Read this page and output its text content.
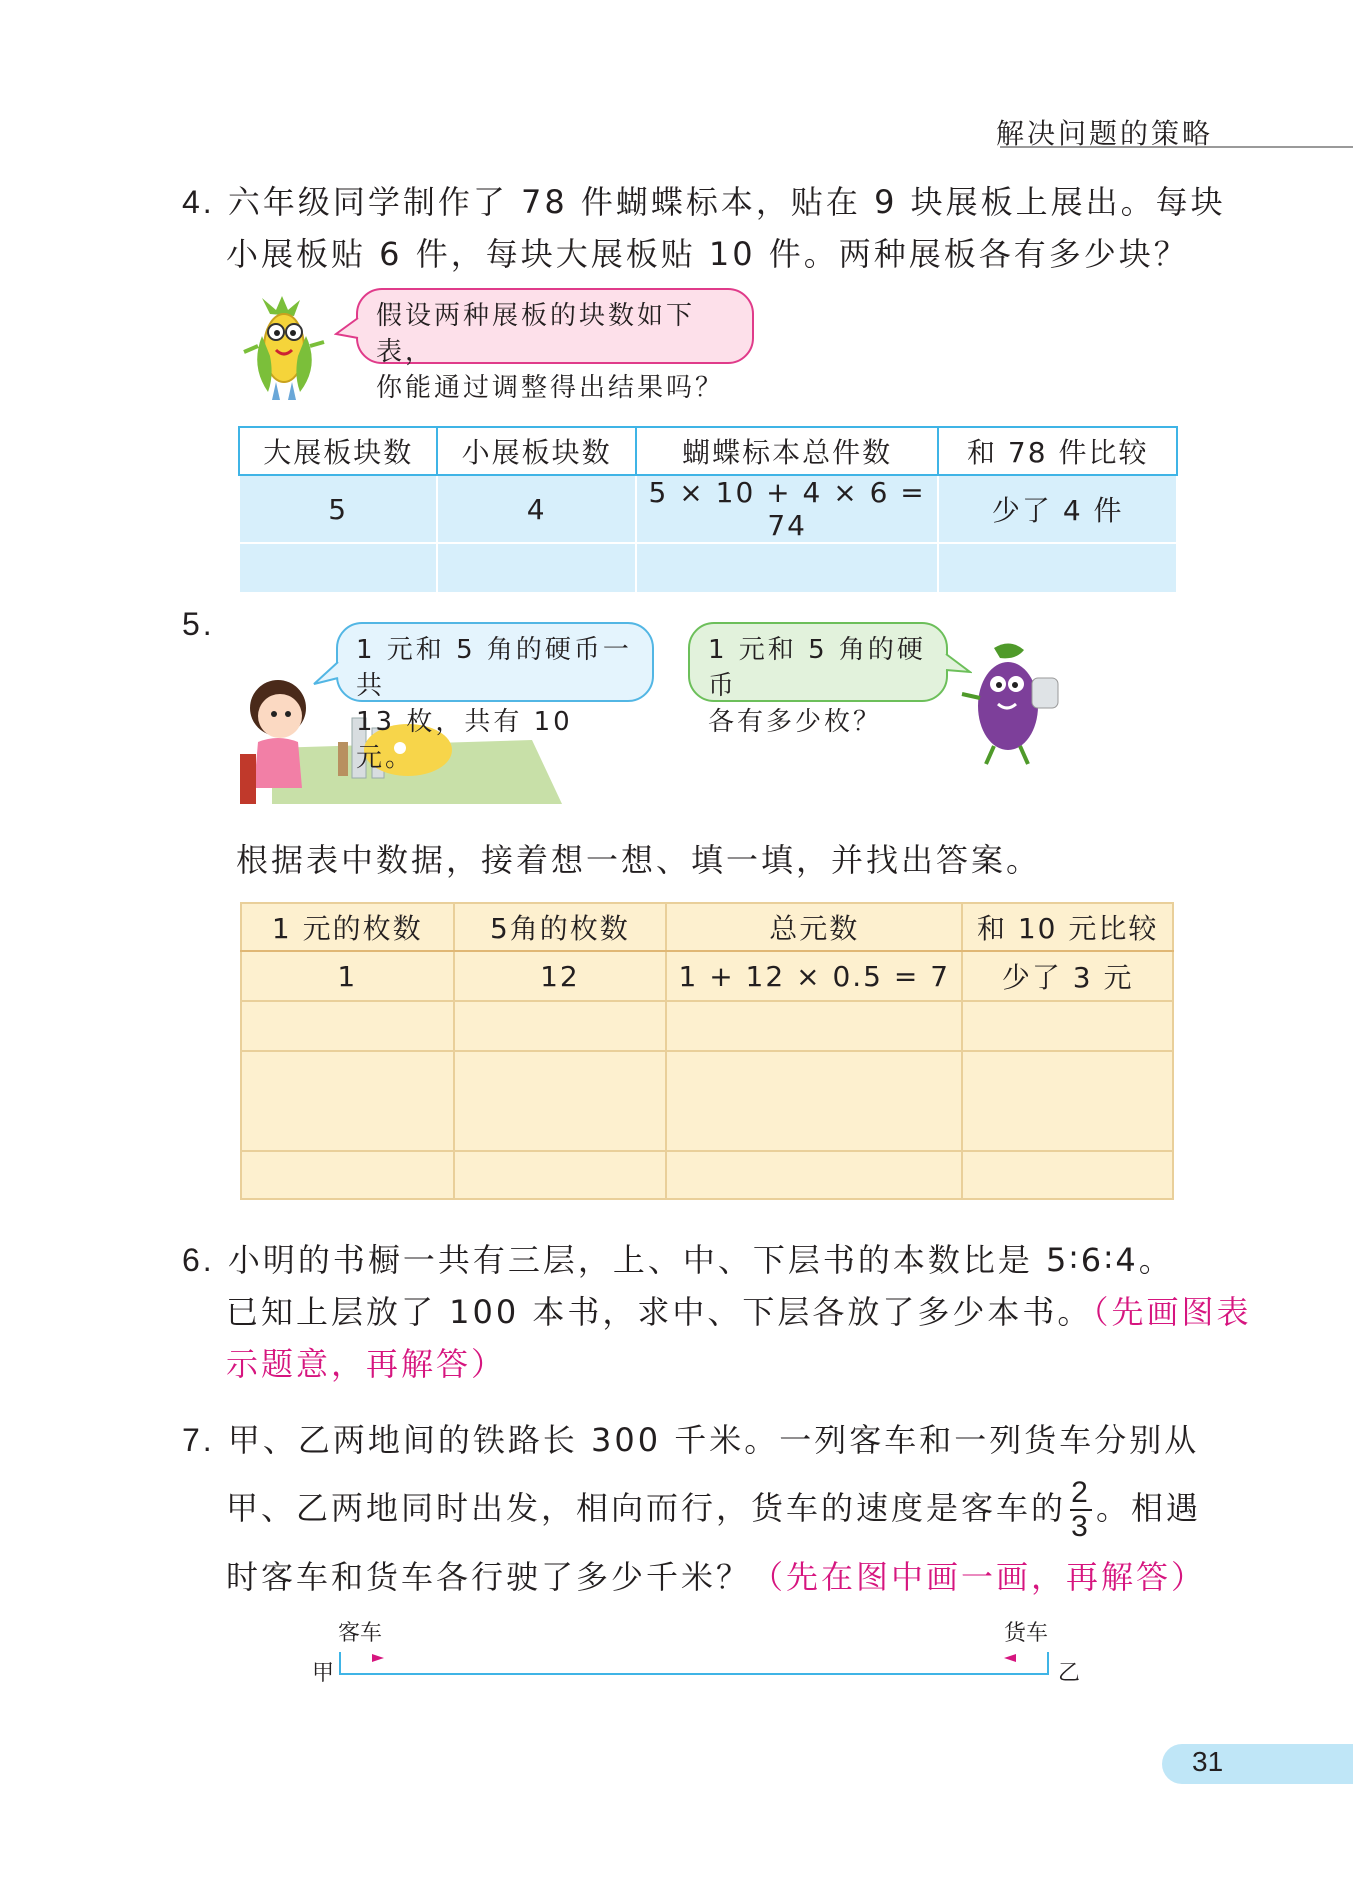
解决问题的策略
4. 六年级同学制作了 78 件蝴蝶标本，贴在 9 块展板上展出。每块
小展板贴 6 件，每块大展板贴 10 件。两种展板各有多少块？
假设两种展板的块数如下表，
你能通过调整得出结果吗？
大展板块数	小展板块数	蝴蝶标本总件数	和 78 件比较
5	4	5 × 10 + 4 × 6 = 74	少了 4 件

5.
1 元和 5 角的硬币一共
13 枚，共有 10 元。
1 元和 5 角的硬币
各有多少枚？
根据表中数据，接着想一想、填一填，并找出答案。
1 元的枚数	5角的枚数	总元数	和 10 元比较
1	12	1 + 12 × 0.5 = 7	少了 3 元

6. 小明的书橱一共有三层，上、中、下层书的本数比是 5∶6∶4。
已知上层放了 100 本书，求中、下层各放了多少本书。（先画图表
示题意，再解答）
7. 甲、乙两地间的铁路长 300 千米。一列客车和一列货车分别从
甲、乙两地同时出发，相向而行，货车的速度是客车的 $\frac{2}{3}$ 。相遇
时客车和货车各行驶了多少千米？（先在图中画一画，再解答）
客车	货车
甲	乙
31
